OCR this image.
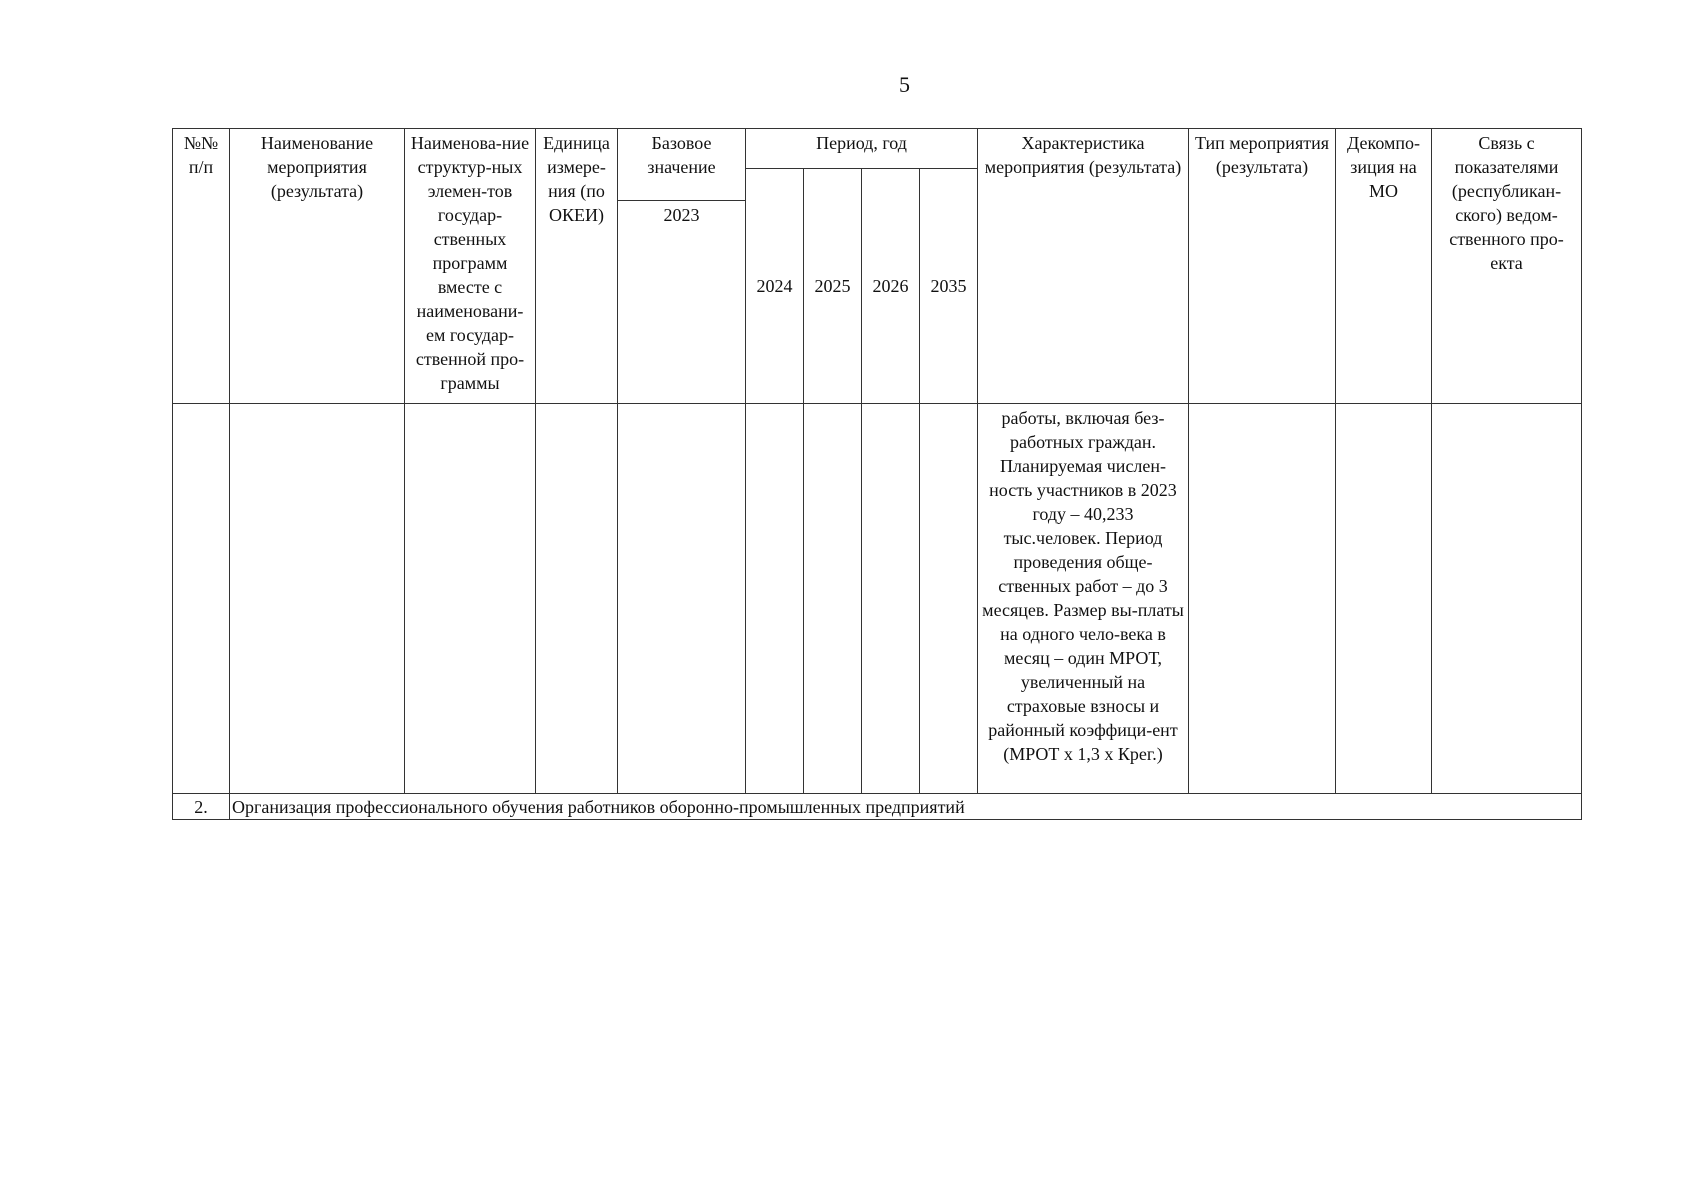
5
№№ п/п	Наименование мероприятия (результата)	Наименова-ние структур-ных элемен-тов государ-ственных программ вместе с наименовани-ем государ-ственной про-граммы	Единица измере-ния (по ОКЕИ)	Базовое значение	Период, год				Характеристика мероприятия (результата)	Тип мероприятия (результата)	Декомпо-зиция на МО	Связь с показателями (республикан-ского) ведом-ственного про-екта
					2024	2025	2026	2035				
				2023								
									работы, включая без-работных граждан. Планируемая числен-ность участников в 2023 году – 40,233 тыс.человек. Период проведения обще-ственных работ – до 3 месяцев. Размер вы-платы на одного чело-века в месяц – один МРОТ, увеличенный на страховые взносы и районный коэффици-ент (МРОТ х 1,3 х Крег.)			
2.	Организация профессионального обучения работников оборонно-промышленных предприятий											
